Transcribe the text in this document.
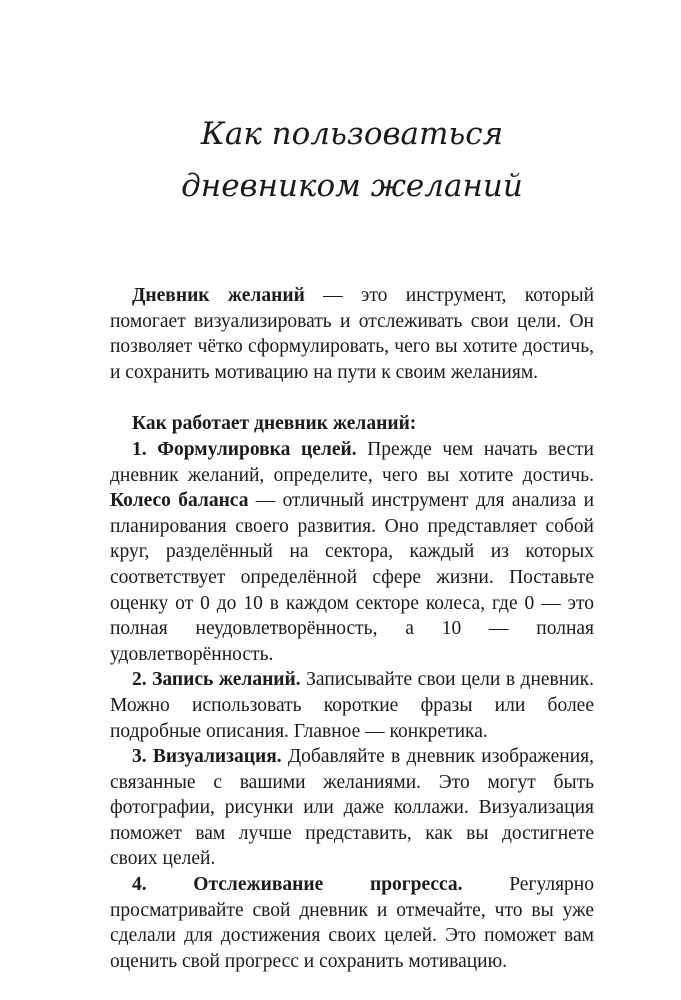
Как пользоваться
дневником желаний

Дневник желаний — это инструмент, который помогает визуализировать и отслеживать свои цели. Он позволяет чётко сформулировать, чего вы хотите достичь, и сохранить мотивацию на пути к своим желаниям.

Как работает дневник желаний:

1. Формулировка целей. Прежде чем начать вести дневник желаний, определите, чего вы хотите достичь. Колесо баланса — отличный инструмент для анализа и планирования своего развития. Оно представляет собой круг, разделённый на сектора, каждый из которых соответствует определённой сфере жизни. Поставьте оценку от 0 до 10 в каждом секторе колеса, где 0 — это полная неудовлетворённость, а 10 — полная удовлетворённость.

2. Запись желаний. Записывайте свои цели в дневник. Можно использовать короткие фразы или более подробные описания. Главное — конкретика.

3. Визуализация. Добавляйте в дневник изображения, связанные с вашими желаниями. Это могут быть фотографии, рисунки или даже коллажи. Визуализация поможет вам лучше представить, как вы достигнете своих целей.

4. Отслеживание прогресса. Регулярно просматривайте свой дневник и отмечайте, что вы уже сделали для достижения своих целей. Это поможет вам оценить свой прогресс и сохранить мотивацию.
